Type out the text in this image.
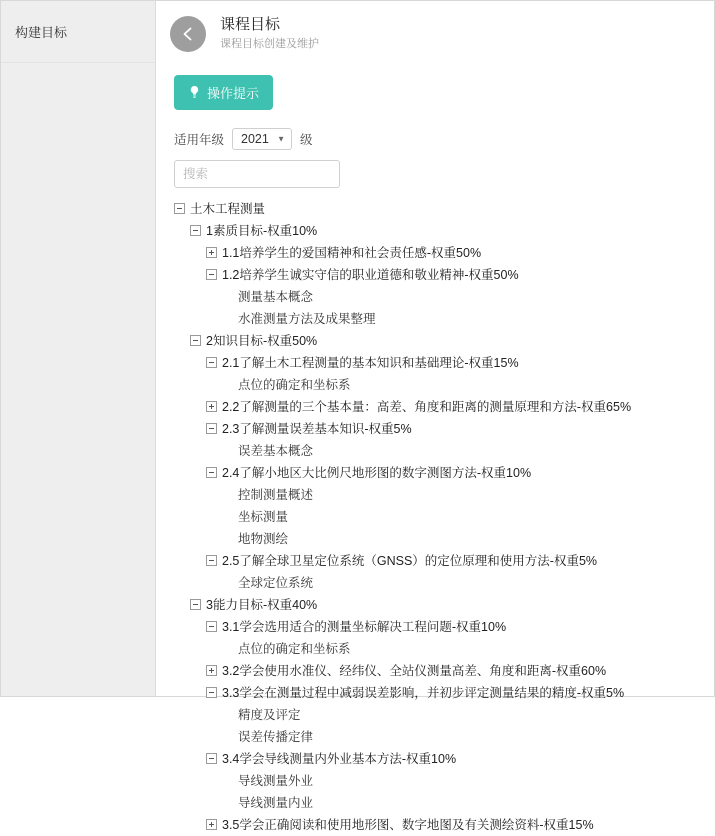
构建目标	课程目标
课程目标创建及维护
操作提示
适用年级
2021	▼ 级
搜索
土木工程测量
1素质目标-权重10%
1.1培养学生的爱国精神和社会责任感-权重50%
1.2培养学生诚实守信的职业道德和敬业精神-权重50%
测量基本概念
水准测量方法及成果整理
2知识目标-权重50%
2.1了解土木工程测量的基本知识和基础理论-权重15%
点位的确定和坐标系
2.2了解测量的三个基本量：高差、角度和距离的测量原理和方法-权重65%
2.3了解测量误差基本知识-权重5%
误差基本概念
2.4了解小地区大比例尺地形图的数字测图方法-权重10%
控制测量概述
坐标测量
地物测绘
2.5了解全球卫星定位系统（GNSS）的定位原理和使用方法-权重5%
全球定位系统
3能力目标-权重40%
3.1学会选用适合的测量坐标解决工程问题-权重10%
点位的确定和坐标系
3.2学会使用水准仪、经纬仪、全站仪测量高差、角度和距离-权重60%
3.3学会在测量过程中减弱误差影响，并初步评定测量结果的精度-权重5%
精度及评定
误差传播定律
3.4学会导线测量内外业基本方法-权重10%
导线测量外业
导线测量内业
3.5学会正确阅读和使用地形图、数字地图及有关测绘资料-权重15%
